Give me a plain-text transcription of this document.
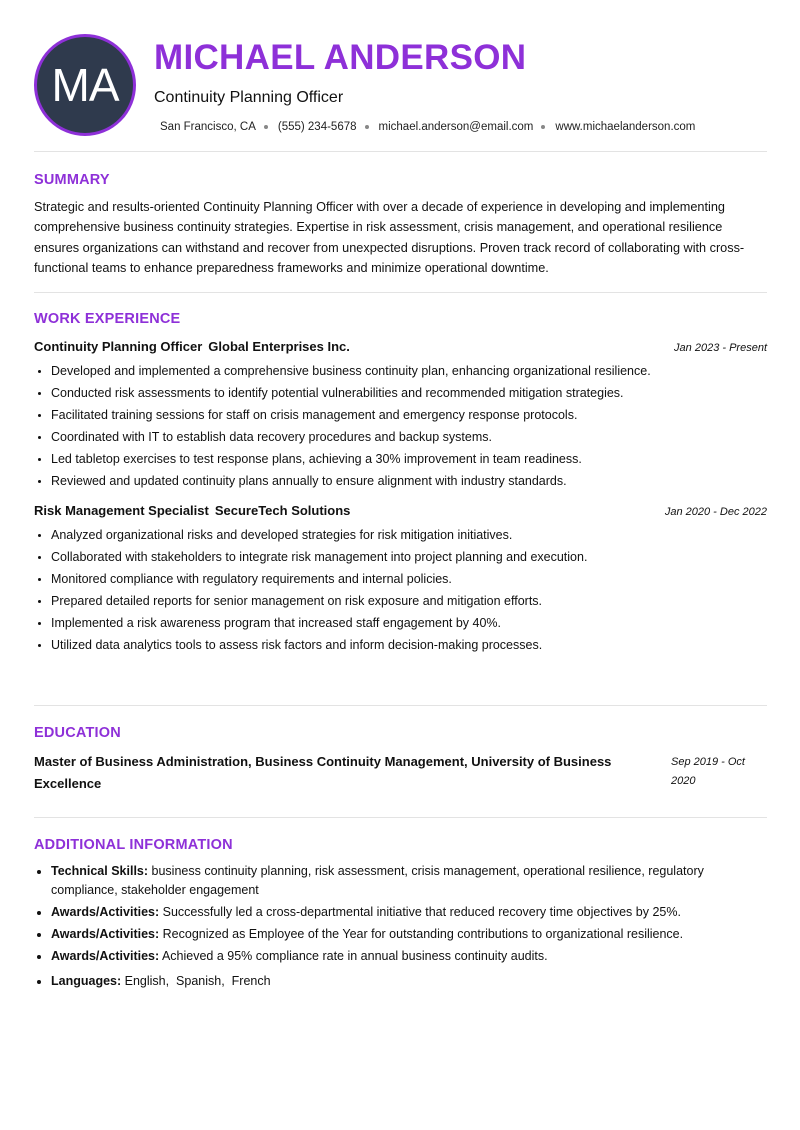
MA
MICHAEL ANDERSON
Continuity Planning Officer
San Francisco, CA (555) 234-5678 michael.anderson@email.com www.michaelanderson.com
SUMMARY

Strategic and results-oriented Continuity Planning Officer with over a decade of experience in developing and implementing comprehensive business continuity strategies. Expertise in risk assessment, crisis management, and operational resilience ensures organizations can withstand and recover from unexpected disruptions. Proven track record of collaborating with cross-functional teams to enhance preparedness frameworks and minimize operational downtime.

WORK EXPERIENCE
Continuity Planning Officer Global Enterprises Inc.	Jan 2023 - Present
• Developed and implemented a comprehensive business continuity plan, enhancing organizational resilience.
• Conducted risk assessments to identify potential vulnerabilities and recommended mitigation strategies.
• Facilitated training sessions for staff on crisis management and emergency response protocols.
• Coordinated with IT to establish data recovery procedures and backup systems.
• Led tabletop exercises to test response plans, achieving a 30% improvement in team readiness.
• Reviewed and updated continuity plans annually to ensure alignment with industry standards.
Risk Management Specialist SecureTech Solutions	Jan 2020 - Dec 2022
• Analyzed organizational risks and developed strategies for risk mitigation initiatives.
• Collaborated with stakeholders to integrate risk management into project planning and execution.
• Monitored compliance with regulatory requirements and internal policies.
• Prepared detailed reports for senior management on risk exposure and mitigation efforts.
• Implemented a risk awareness program that increased staff engagement by 40%.
• Utilized data analytics tools to assess risk factors and inform decision-making processes.
EDUCATION
Master of Business Administration, Business Continuity Management, University of Business Excellence
Sep 2019 - Oct 2020
ADDITIONAL INFORMATION
• Technical Skills: business continuity planning, risk assessment, crisis management, operational resilience, regulatory compliance, stakeholder engagement
• Awards/Activities: Successfully led a cross-departmental initiative that reduced recovery time objectives by 25%.
• Awards/Activities: Recognized as Employee of the Year for outstanding contributions to organizational resilience.
• Awards/Activities: Achieved a 95% compliance rate in annual business continuity audits.
• Languages: English,  Spanish,  French
